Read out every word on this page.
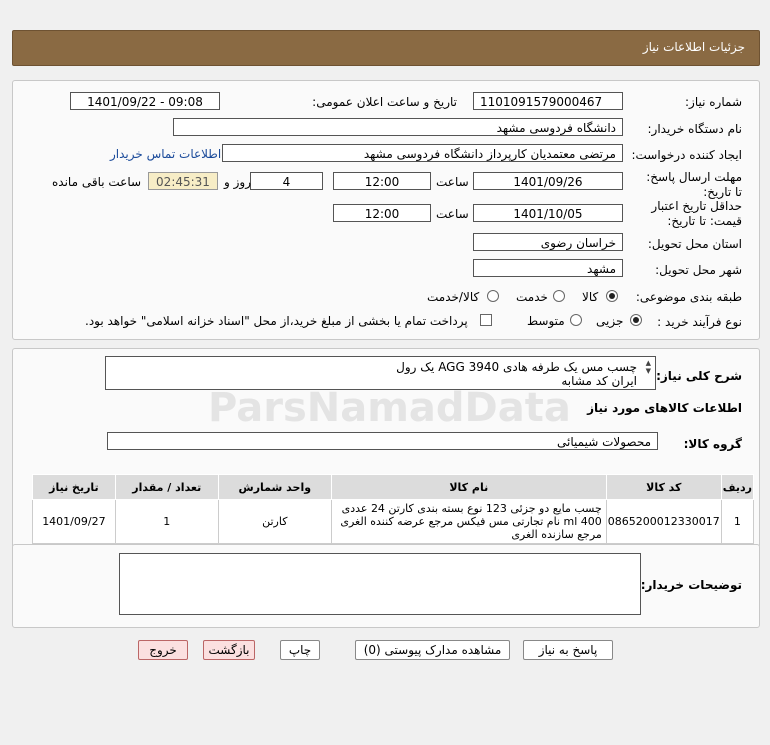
جزئیات اطلاعات نیاز
شماره نیاز:
1101091579000467
تاریخ و ساعت اعلان عمومی:
1401/09/22 - 09:08
نام دستگاه خریدار:
دانشگاه فردوسی مشهد
ایجاد کننده درخواست:
مرتضی معتمدیان کارپرداز دانشگاه فردوسی مشهد
اطلاعات تماس خریدار
مهلت ارسال پاسخ: تا تاریخ:
1401/09/26
ساعت
12:00
4
روز و
02:45:31
ساعت باقی مانده
حداقل تاریخ اعتبار قیمت: تا تاریخ:
1401/10/05
ساعت
12:00
استان محل تحویل:
خراسان رضوی
شهر محل تحویل:
مشهد
طبقه بندی موضوعی:
کالا
خدمت
کالا/خدمت
نوع فرآیند خرید :
جزیی
متوسط
پرداخت تمام یا بخشی از مبلغ خرید،از محل "اسناد خزانه اسلامی" خواهد بود.
شرح کلی نیاز:
چسب مس یک طرفه هادی AGG 3940 یک رول
ایران کد مشابه
▲
▼
اطلاعات کالاهای مورد نیاز
گروه کالا:
محصولات شیمیائی
ردیف	کد کالا	نام کالا	واحد شمارش	تعداد / مقدار	تاریخ نیاز
1	0865200012330017	چسب مایع دو جزئی 123 نوع بسته بندی کارتن 24 عددی 400 ml نام تجارتی مس فیکس مرجع عرضه کننده الغری مرجع سازنده الغری	کارتن	1	1401/09/27
توضیحات خریدار:
پاسخ به نیاز
مشاهده مدارک پیوستی (0)
چاپ
بازگشت
خروج
ParsNamadData
